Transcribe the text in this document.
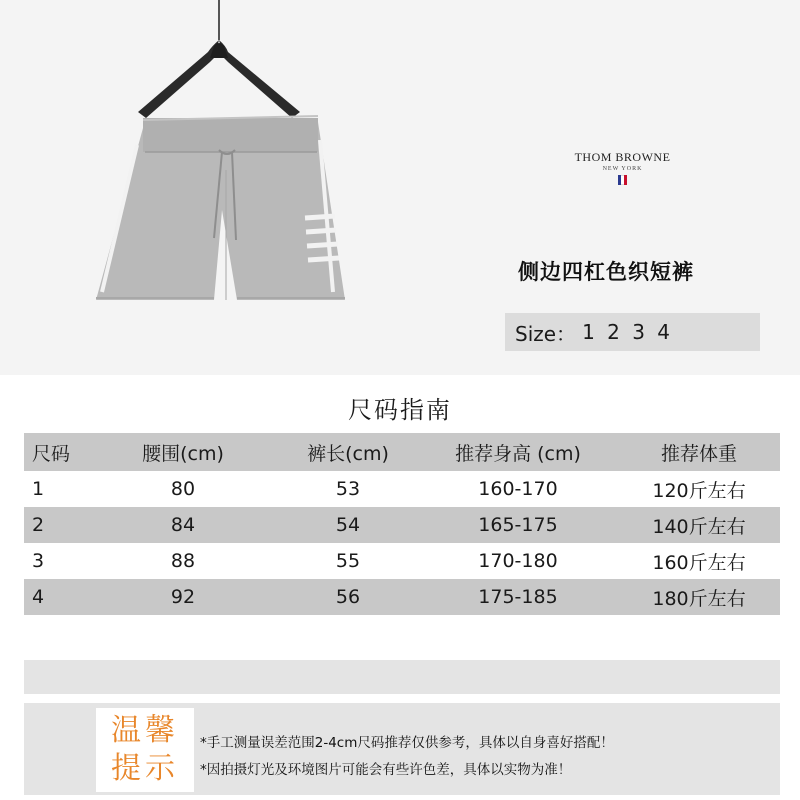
THOM BROWNE
NEW YORK
侧边四杠色织短裤
Size： 1 2 3 4
尺码指南
尺码	腰围(cm)	裤长(cm)	推荐身高 (cm)	推荐体重
1	80	53	160-170	120斤左右
2	84	54	165-175	140斤左右
3	88	55	170-180	160斤左右
4	92	56	175-185	180斤左右
温馨
提示
*手工测量误差范围2-4cm尺码推荐仅供参考，具体以自身喜好搭配！
*因拍摄灯光及环境图片可能会有些许色差，具体以实物为准！
